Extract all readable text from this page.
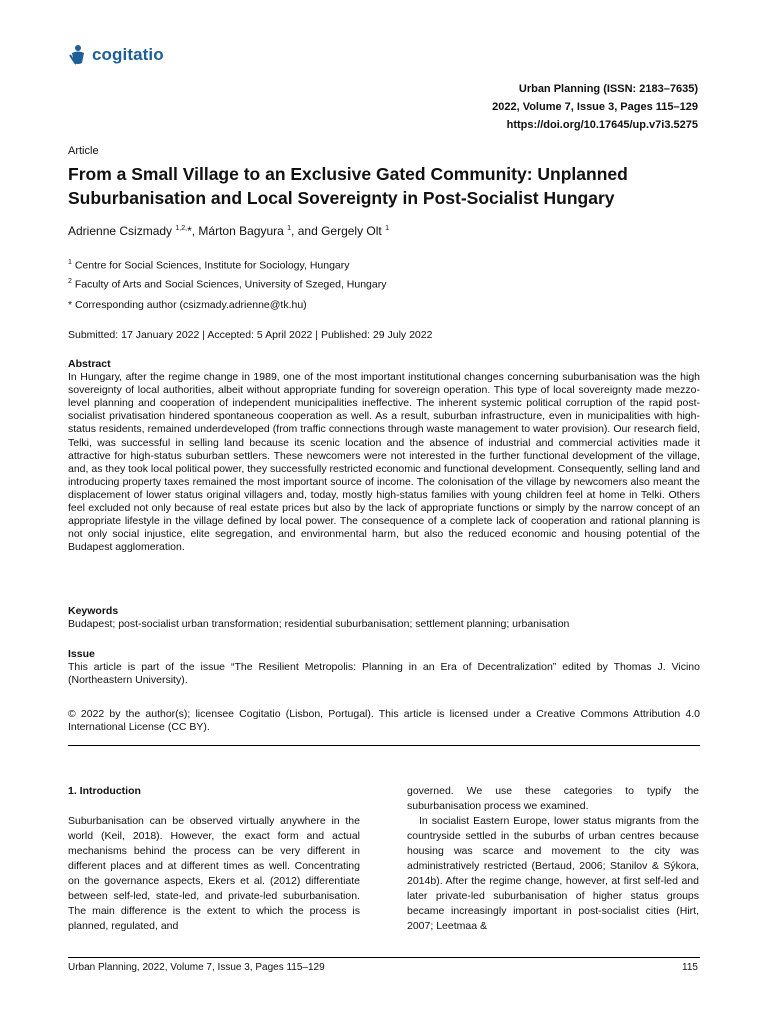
cogitatio
Urban Planning (ISSN: 2183–7635)
2022, Volume 7, Issue 3, Pages 115–129
https://doi.org/10.17645/up.v7i3.5275
Article
From a Small Village to an Exclusive Gated Community: Unplanned Suburbanisation and Local Sovereignty in Post-Socialist Hungary
Adrienne Csizmady $^{1,2,}$*, Márton Bagyura $^1$, and Gergely Olt $^1$
$^1$ Centre for Social Sciences, Institute for Sociology, Hungary
$^2$ Faculty of Arts and Social Sciences, University of Szeged, Hungary
* Corresponding author (csizmady.adrienne@tk.hu)
Submitted: 17 January 2022 | Accepted: 5 April 2022 | Published: 29 July 2022
Abstract

In Hungary, after the regime change in 1989, one of the most important institutional changes concerning suburbanisation was the high sovereignty of local authorities, albeit without appropriate funding for sovereign operation. This type of local sovereignty made mezzo-level planning and cooperation of independent municipalities ineffective. The inherent systemic political corruption of the rapid post-socialist privatisation hindered spontaneous cooperation as well. As a result, suburban infrastructure, even in municipalities with high-status residents, remained underdeveloped (from traffic connections through waste management to water provision). Our research field, Telki, was successful in selling land because its scenic location and the absence of industrial and commercial activities made it attractive for high-status suburban settlers. These newcomers were not interested in the further functional development of the village, and, as they took local political power, they successfully restricted economic and functional development. Consequently, selling land and introducing property taxes remained the most important source of income. The colonisation of the village by newcomers also meant the displacement of lower status original villagers and, today, mostly high-status families with young children feel at home in Telki. Others feel excluded not only because of real estate prices but also by the lack of appropriate functions or simply by the narrow concept of an appropriate lifestyle in the village defined by local power. The consequence of a complete lack of cooperation and rational planning is not only social injustice, elite segregation, and environmental harm, but also the reduced economic and housing potential of the Budapest agglomeration.

Keywords

Budapest; post-socialist urban transformation; residential suburbanisation; settlement planning; urbanisation

Issue

This article is part of the issue “The Resilient Metropolis: Planning in an Era of Decentralization” edited by Thomas J. Vicino (Northeastern University).

© 2022 by the author(s); licensee Cogitatio (Lisbon, Portugal). This article is licensed under a Creative Commons Attribution 4.0 International License (CC BY).

1. Introduction

Suburbanisation can be observed virtually anywhere in the world (Keil, 2018). However, the exact form and actual mechanisms behind the process can be very different in different places and at different times as well. Concentrating on the governance aspects, Ekers et al. (2012) differentiate between self-led, state-led, and private-led suburbanisation. The main difference is the extent to which the process is planned, regulated, and

governed. We use these categories to typify the suburbanisation process we examined.

In socialist Eastern Europe, lower status migrants from the countryside settled in the suburbs of urban centres because housing was scarce and movement to the city was administratively restricted (Bertaud, 2006; Stanilov & Sýkora, 2014b). After the regime change, however, at first self-led and later private-led suburbanisation of higher status groups became increasingly important in post-socialist cities (Hirt, 2007; Leetmaa &

Urban Planning, 2022, Volume 7, Issue 3, Pages 115–129	115
